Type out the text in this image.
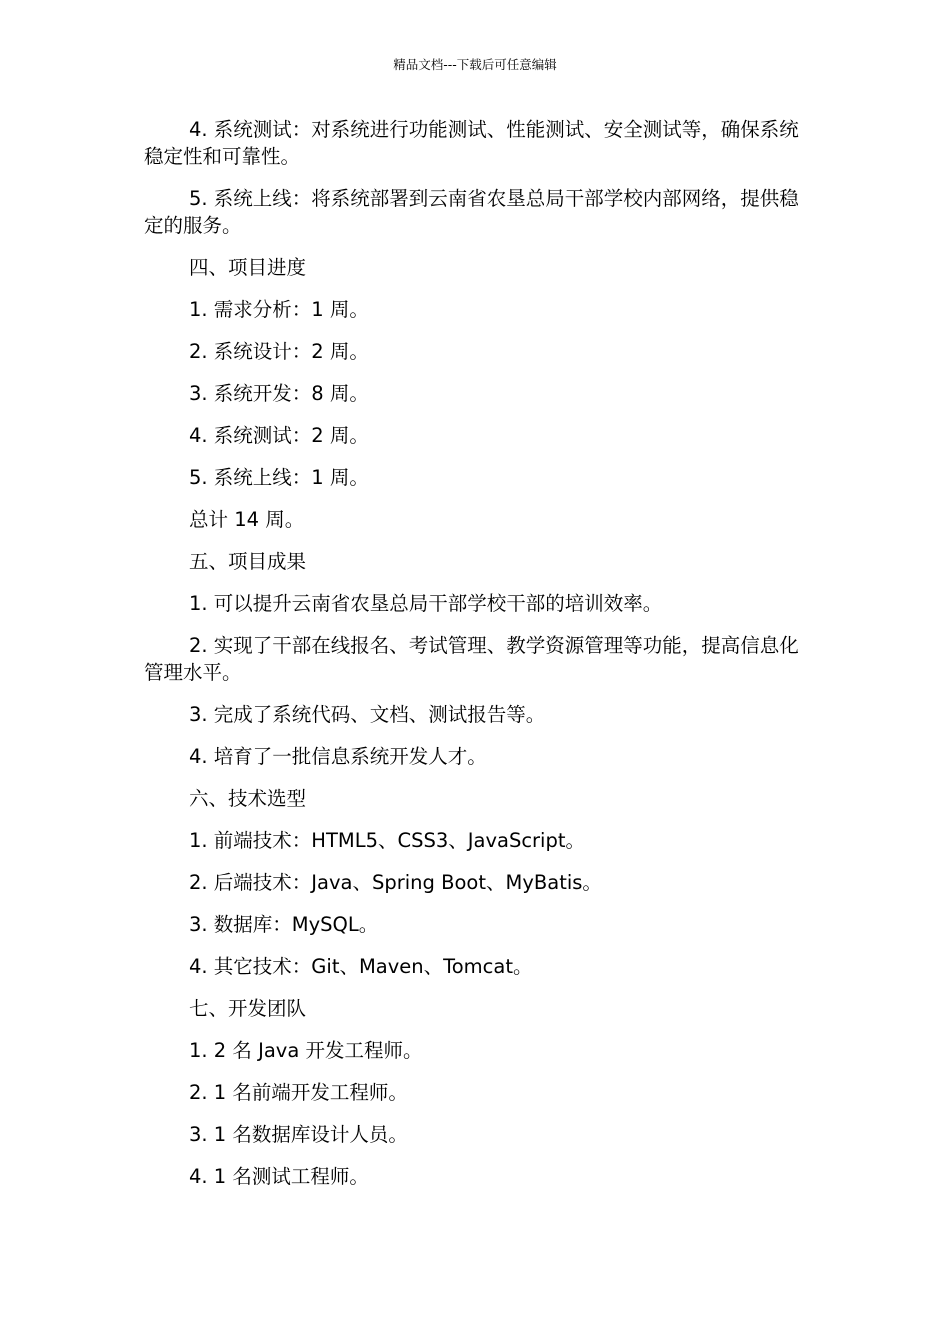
精品文档---下载后可任意编辑

4. 系统测试：对系统进行功能测试、性能测试、安全测试等，确保系统稳定性和可靠性。

5. 系统上线：将系统部署到云南省农垦总局干部学校内部网络，提供稳定的服务。

四、项目进度

1. 需求分析：1 周。

2. 系统设计：2 周。

3. 系统开发：8 周。

4. 系统测试：2 周。

5. 系统上线：1 周。

总计 14 周。

五、项目成果

1. 可以提升云南省农垦总局干部学校干部的培训效率。

2. 实现了干部在线报名、考试管理、教学资源管理等功能，提高信息化管理水平。

3. 完成了系统代码、文档、测试报告等。

4. 培育了一批信息系统开发人才。

六、技术选型

1. 前端技术：HTML5、CSS3、JavaScript。

2. 后端技术：Java、Spring Boot、MyBatis。

3. 数据库：MySQL。

4. 其它技术：Git、Maven、Tomcat。

七、开发团队

1. 2 名 Java 开发工程师。

2. 1 名前端开发工程师。

3. 1 名数据库设计人员。

4. 1 名测试工程师。
